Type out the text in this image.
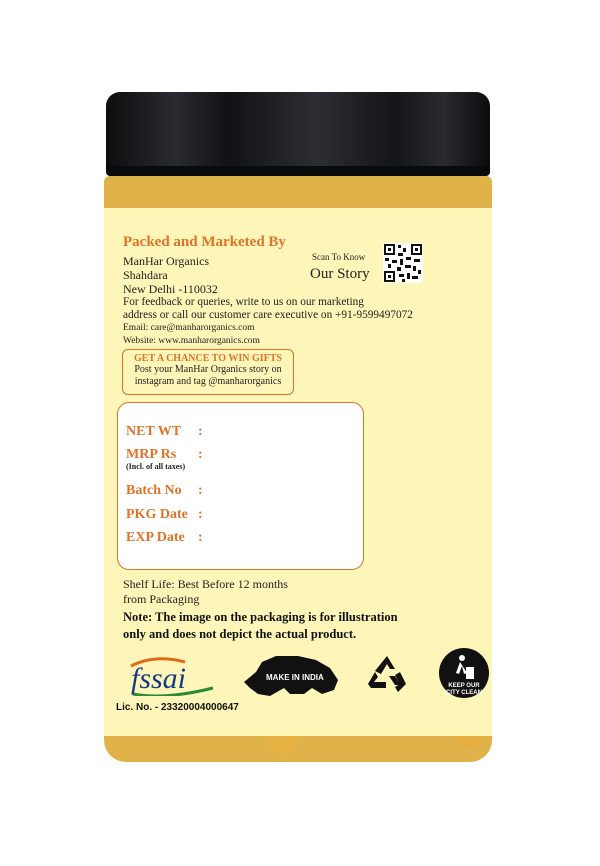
Packed and Marketed By
ManHar Organics
Shahdara
New Delhi -110032
For feedback or queries, write to us on our marketing
address or call our customer care executive on +91-9599497072
Email: care@manharorganics.com
Website: www.manharorganics.com
Scan To Know
Our Story
GET A CHANCE TO WIN GIFTS
Post your ManHar Organics story on
instagram and tag @manharorganics
NET WT :
MRP Rs :
(Incl. of all taxes)
Batch No :
PKG Date :
EXP Date :
Shelf Life: Best Before 12 months
from Packaging
Note: The image on the packaging is for illustration
only and does not depict the actual product.
fssai	MAKE IN INDIA
KEEP OUR
CITY CLEAN
Lic. No. - 23320004000647
